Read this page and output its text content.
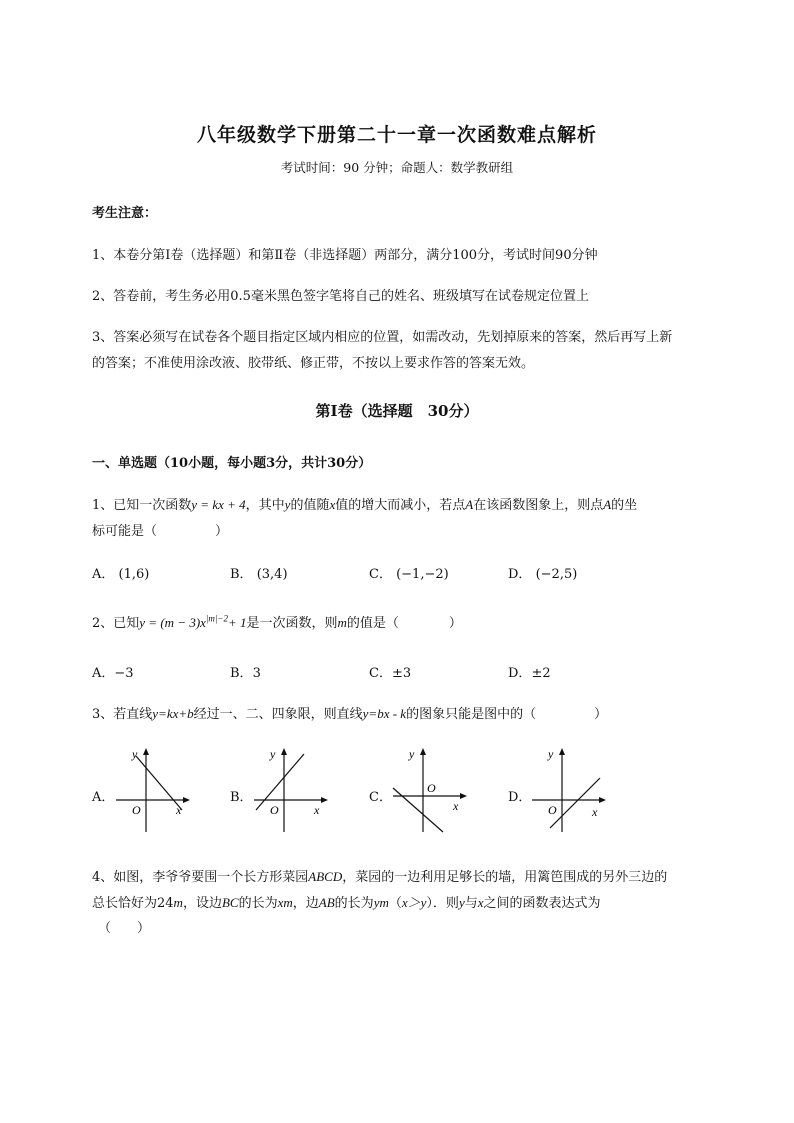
八年级数学下册第二十一章一次函数难点解析
考试时间：90 分钟；命题人：数学教研组
考生注意：
1、本卷分第Ⅰ卷（选择题）和第Ⅱ卷（非选择题）两部分，满分100分，考试时间90分钟
2、答卷前，考生务必用0.5毫米黑色签字笔将自己的姓名、班级填写在试卷规定位置上
3、答案必须写在试卷各个题目指定区域内相应的位置，如需改动，先划掉原来的答案，然后再写上新
的答案；不准使用涂改液、胶带纸、修正带，不按以上要求作答的答案无效。
第Ⅰ卷（选择题　30分）
一、单选题（10小题，每小题3分，共计30分）
1、已知一次函数y = kx + 4，其中y的值随x值的增大而减小，若点A在该函数图象上，则点A的坐
标可能是（	）
A． (1,6)	B． (3,4)	C． (−1,−2)	D． (−2,5)
2、已知$y = (m - 3)x^{|m|-2}+ 1$是一次函数，则m的值是（	）
A．−3	B．3	C．±3	D．±2
3、若直线y=kx+b经过一、二、四象限，则直线y=bx - k的图象只能是图中的（	）
A．
y
x
O
B．
y
x
O
C．
y
x
O
D．
y
x
O
4、如图，李爷爷要围一个长方形菜园ABCD，菜园的一边利用足够长的墙，用篱笆围成的另外三边的
总长恰好为24m，设边BC的长为xm，边AB的长为ym（x＞y）．则y与x之间的函数表达式为
（　　）
